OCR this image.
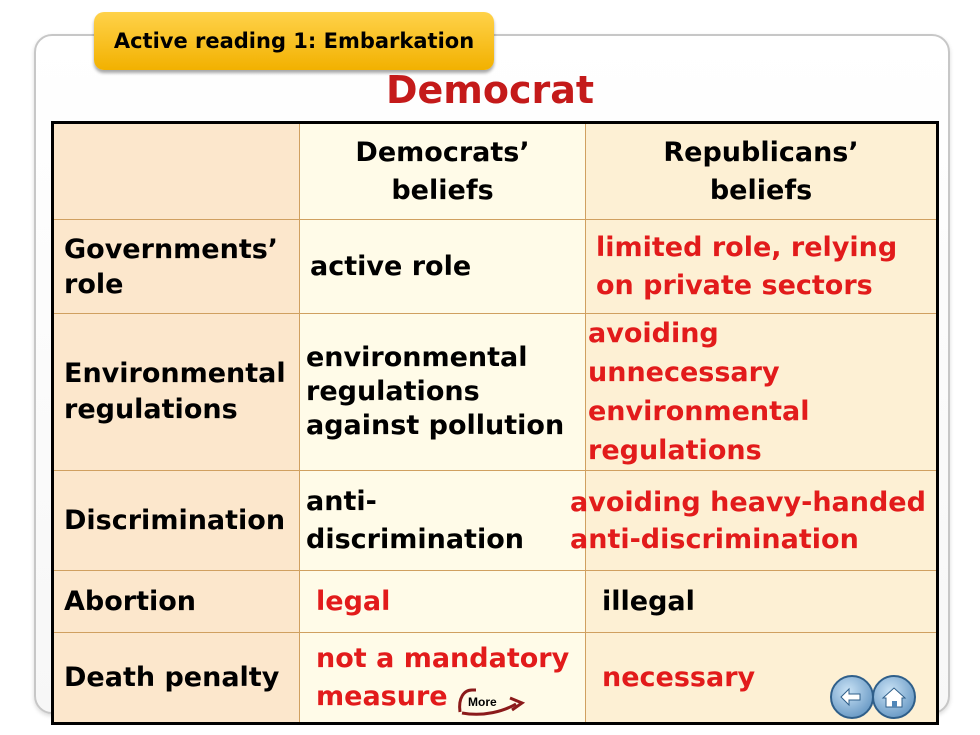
Active reading 1: Embarkation
Democrat

	Democrats’ beliefs	Republicans’ beliefs

Governments’ role	active role	limited role, relying on private sectors

Environmental regulations	environmental regulations against pollution	avoiding unnecessary environmental regulations

Discrimination	anti-discrimination	avoiding heavy-handed anti-discrimination

Abortion	legal	illegal
Death penalty	not a mandatory measure	necessary
More
